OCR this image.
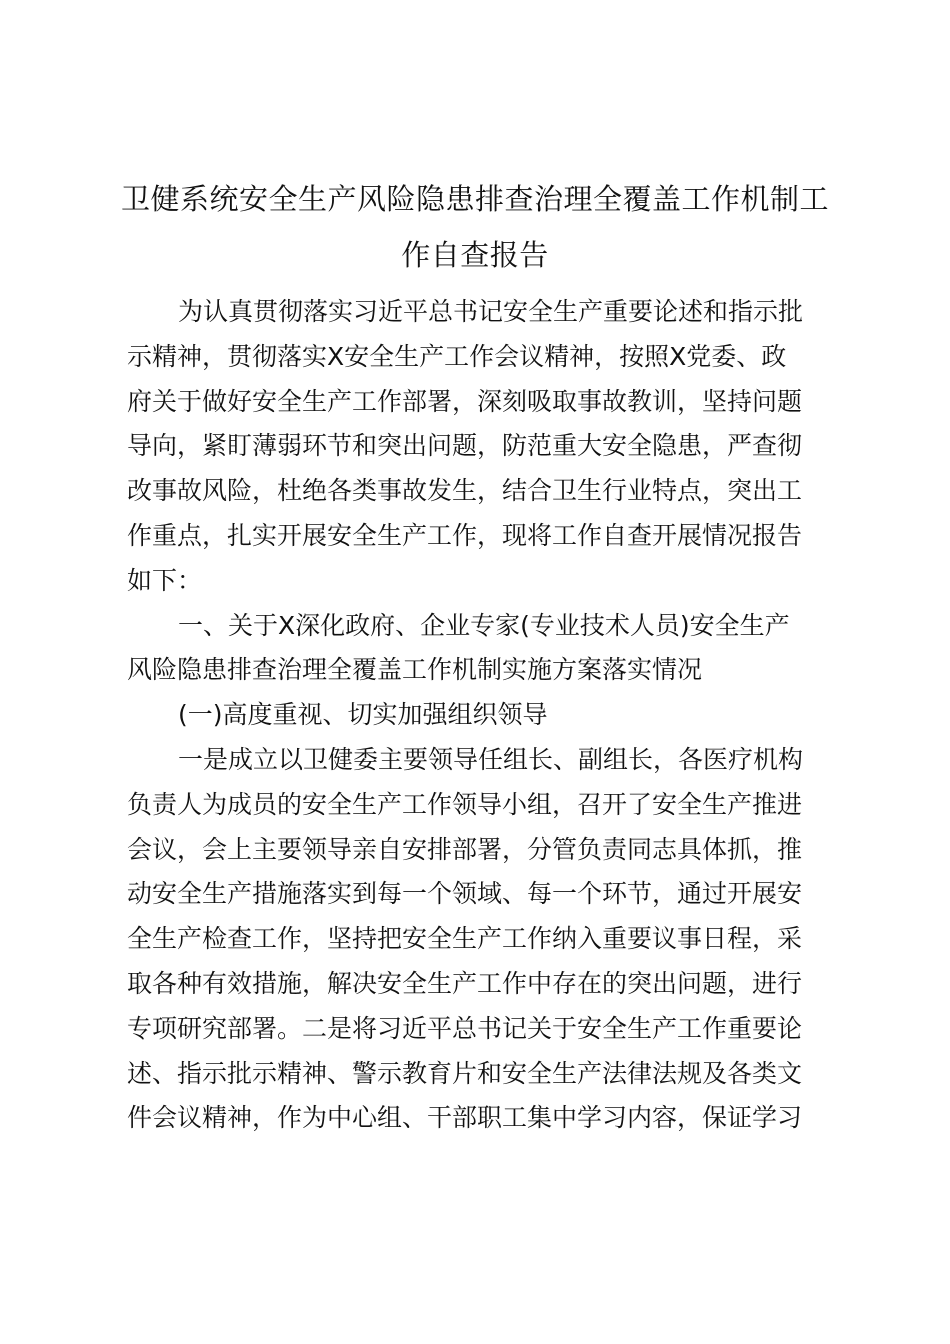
卫健系统安全生产风险隐患排查治理全覆盖工作机制工
作自查报告

为认真贯彻落实习近平总书记安全生产重要论述和指示批
示精神，贯彻落实X安全生产工作会议精神，按照X党委、政
府关于做好安全生产工作部署，深刻吸取事故教训，坚持问题
导向，紧盯薄弱环节和突出问题，防范重大安全隐患，严查彻
改事故风险，杜绝各类事故发生，结合卫生行业特点，突出工
作重点，扎实开展安全生产工作，现将工作自查开展情况报告
如下：

一、关于X深化政府、企业专家(专业技术人员)安全生产
风险隐患排查治理全覆盖工作机制实施方案落实情况

(一)高度重视、切实加强组织领导

一是成立以卫健委主要领导任组长、副组长，各医疗机构
负责人为成员的安全生产工作领导小组，召开了安全生产推进
会议，会上主要领导亲自安排部署，分管负责同志具体抓，推
动安全生产措施落实到每一个领域、每一个环节，通过开展安
全生产检查工作，坚持把安全生产工作纳入重要议事日程，采
取各种有效措施，解决安全生产工作中存在的突出问题，进行
专项研究部署。二是将习近平总书记关于安全生产工作重要论
述、指示批示精神、警示教育片和安全生产法律法规及各类文
件会议精神，作为中心组、干部职工集中学习内容，保证学习
